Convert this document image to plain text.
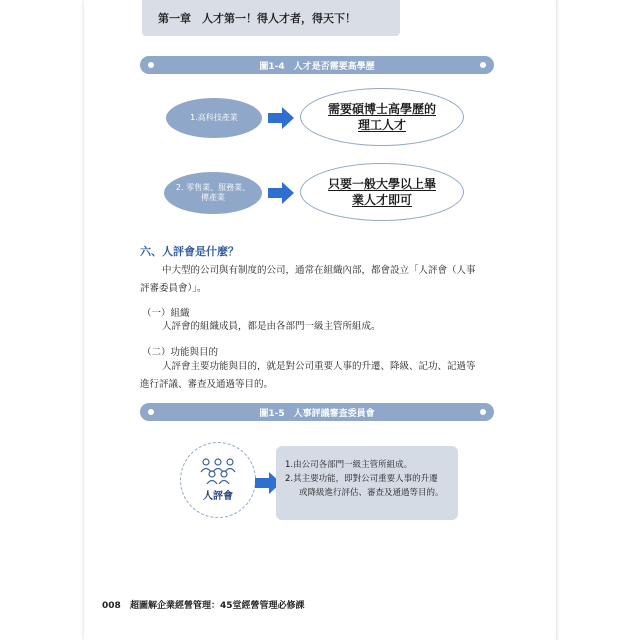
第一章　人才第一！得人才者，得天下！
圖1-4　人才是否需要高學歷
1.高科技產業
需要碩博士高學歷的
理工人才
2. 零售業、服務業、
傳產業
只要一般大學以上畢
業人才即可
六、人評會是什麼？
中大型的公司與有制度的公司，通常在組織內部，都會設立「人評會（人事
評審委員會）」。
（一）組織
人評會的組織成員，都是由各部門一級主管所組成。
（二）功能與目的
人評會主要功能與目的，就是對公司重要人事的升遷、降級、記功、記過等
進行評議、審查及通過等目的。
圖1-5　人事評議審查委員會
人評會
1.由公司各部門一級主管所組成。
2.其主要功能，即對公司重要人事的升遷
或降級進行評估、審查及通過等目的。
008 超圖解企業經營管理：45堂經營管理必修課
